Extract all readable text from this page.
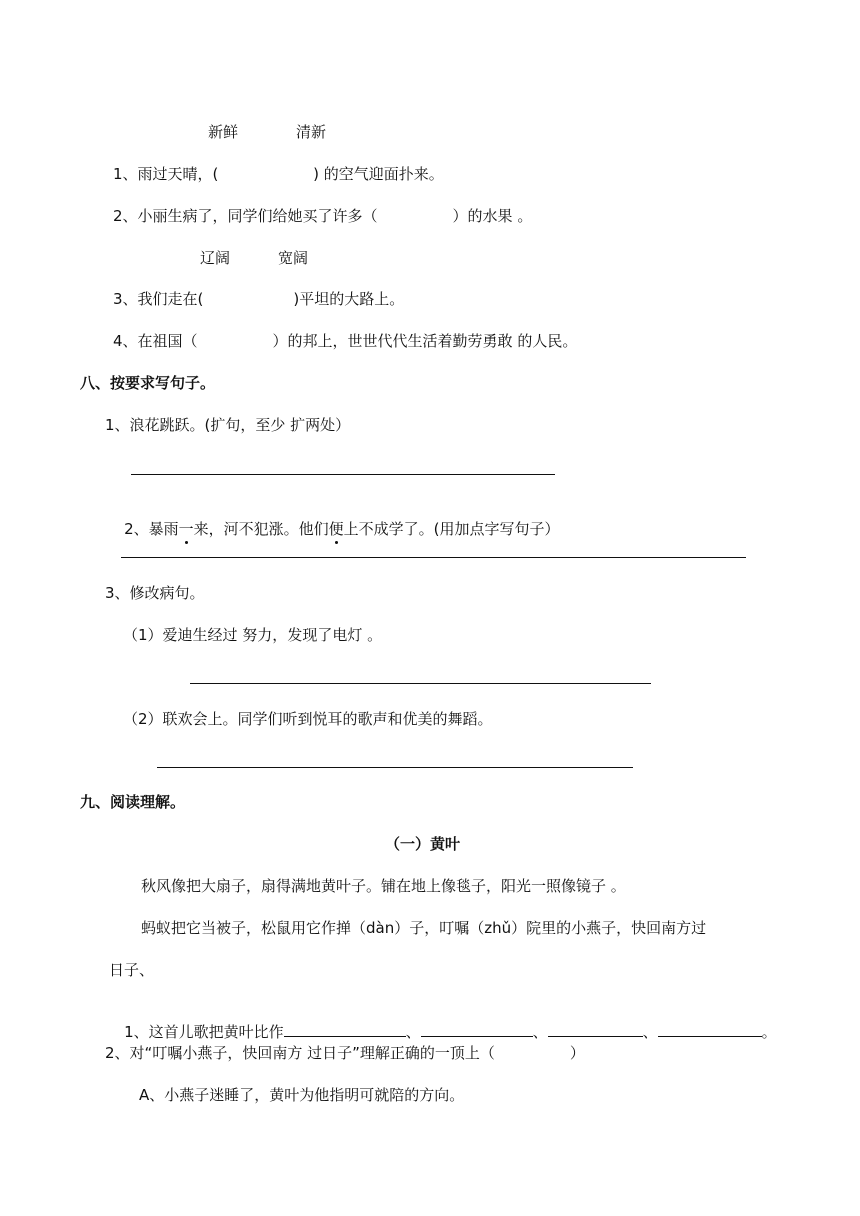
新鲜	清新
1、雨过天晴，(　　　　　　 ) 的空气迎面扑来。
2、小丽生病了，同学们给她买了许多（　　　　　）的水果 。
辽阔	宽阔
3、我们走在(　　　　　　)平坦的大路上。
4、在祖国（　　　　　）的邦上，世世代代生活着勤劳勇敢 的人民。
八、按要求写句子。
1、浪花跳跃。(扩句，至少 扩两处）

2、暴雨一来，河不犯涨。他们便上不成学了。(用加点字写句子）

3、修改病句。
（1）爱迪生经过 努力，发现了电灯 。
（2）联欢会上。同学们听到悦耳的歌声和优美的舞蹈。
九、阅读理解。
（一）黄叶
秋风像把大扇子，扇得满地黄叶子。铺在地上像毯子，阳光一照像镜子 。
蚂蚁把它当被子，松鼠用它作掸（dàn）子，叮嘱（zhǔ）院里的小燕子，快回南方过
日子、

1、这首儿歌把黄叶比作	、	、	、	。

2、对“叮嘱小燕子，快回南方 过日子”理解正确的一顶上（　　　　　）
A、小燕子迷睡了，黄叶为他指明可就陪的方向。
